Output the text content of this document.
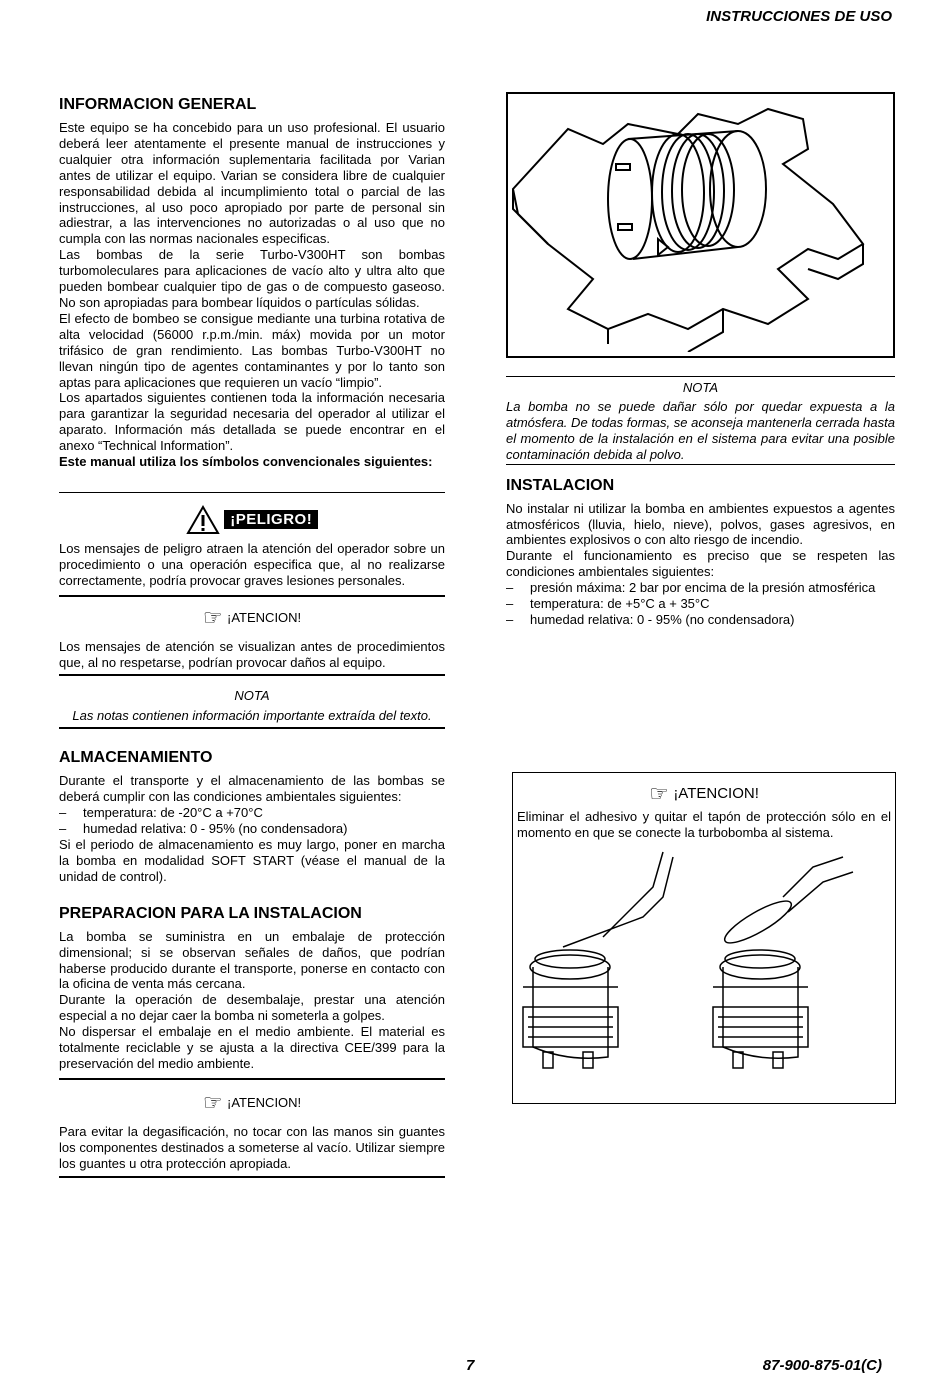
INSTRUCCIONES DE USO
INFORMACION GENERAL

Este equipo se ha concebido para un uso profesional. El usuario deberá leer atentamente el presente manual de instrucciones y cualquier otra información suplementaria facilitada por Varian antes de utilizar el equipo. Varian se considera libre de cualquier responsabilidad debida al incumplimiento total o parcial de las instrucciones, al uso poco apropiado por parte de personal sin adiestrar, a las intervenciones no autorizadas o al uso que no cumpla con las normas nacionales especificas.

Las bombas de la serie Turbo-V300HT son bombas turbomoleculares para aplicaciones de vacío alto y ultra alto que pueden bombear cualquier tipo de gas o de compuesto gaseoso. No son apropiadas para bombear líquidos o partículas sólidas.

El efecto de bombeo se consigue mediante una turbina rotativa de alta velocidad (56000 r.p.m./min. máx) movida por un motor trifásico de gran rendimiento. Las bombas Turbo-V300HT no llevan ningún tipo de agentes contaminantes y por lo tanto son aptas para aplicaciones que requieren un vacío “limpio”.

Los apartados siguientes contienen toda la información necesaria para garantizar la seguridad necesaria del operador al utilizar el aparato. Información más detallada se puede encontrar en el anexo “Technical Information”.

Este manual utiliza los símbolos convencionales siguientes:

¡PELIGRO!

Los mensajes de peligro atraen la atención del operador sobre un procedimiento o una operación especifica que, al no realizarse correctamente, podría provocar graves lesiones personales.

☞ ¡ATENCION!

Los mensajes de atención se visualizan antes de procedimientos que, al no respetarse, podrían provocar daños al equipo.

NOTA

Las notas contienen información importante extraída del texto.

ALMACENAMIENTO

Durante el transporte y el almacenamiento de las bombas se deberá cumplir con las condiciones ambientales siguientes:

– temperatura: de -20°C a +70°C
– humedad relativa: 0 - 95% (no condensadora)

Si el periodo de almacenamiento es muy largo, poner en marcha la bomba en modalidad SOFT START (véase el manual de la unidad de control).

PREPARACION PARA LA INSTALACION

La bomba se suministra en un embalaje de protección dimensional; si se observan señales de daños, que podrían haberse producido durante el transporte, ponerse en contacto con la oficina de venta más cercana.

Durante la operación de desembalaje, prestar una atención especial a no dejar caer la bomba ni someterla a golpes.

No dispersar el embalaje en el medio ambiente. El material es totalmente reciclable y se ajusta a la directiva CEE/399 para la preservación del medio ambiente.

☞ ¡ATENCION!

Para evitar la degasificación, no tocar con las manos sin guantes los componentes destinados a someterse al vacío. Utilizar siempre los guantes u otra protección apropiada.

NOTA

La bomba no se puede dañar sólo por quedar expuesta a la atmósfera. De todas formas, se aconseja mantenerla cerrada hasta el momento de la instalación en el sistema para evitar una posible contaminación debida al polvo.

INSTALACION

No instalar ni utilizar la bomba en ambientes expuestos a agentes atmosféricos (lluvia, hielo, nieve), polvos, gases agresivos, en ambientes explosivos o con alto riesgo de incendio.

Durante el funcionamiento es preciso que se respeten las condiciones ambientales siguientes:

– presión máxima: 2 bar por encima de la presión atmosférica
– temperatura: de +5°C a + 35°C
– humedad relativa: 0 - 95% (no condensadora)
☞ ¡ATENCION!

Eliminar el adhesivo y quitar el tapón de protección sólo en el momento en que se conecte la turbobomba al sistema.

7	87-900-875-01(C)
